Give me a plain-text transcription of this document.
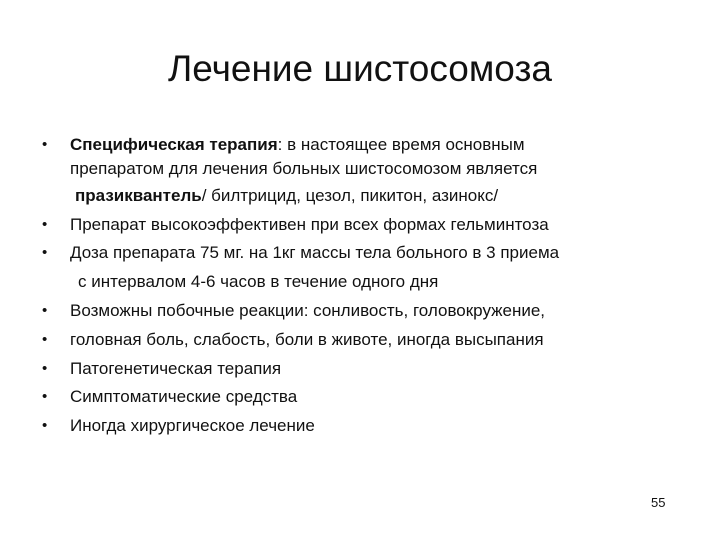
Лечение шистосомоза
• Специфическая терапия: в настоящее время основным
препаратом для лечения больных шистосомозом является
празиквантель/ билтрицид, цезол, пикитон, азинокс/
• Препарат высокоэффективен при всех формах гельминтоза
• Доза препарата 75 мг. на 1кг массы тела больного в 3 приема
с интервалом 4-6 часов в течение одного дня
• Возможны побочные реакции: сонливость, головокружение,
• головная боль, слабость, боли в животе, иногда высыпания
• Патогенетическая терапия
• Симптоматические средства
• Иногда хирургическое лечение
55
